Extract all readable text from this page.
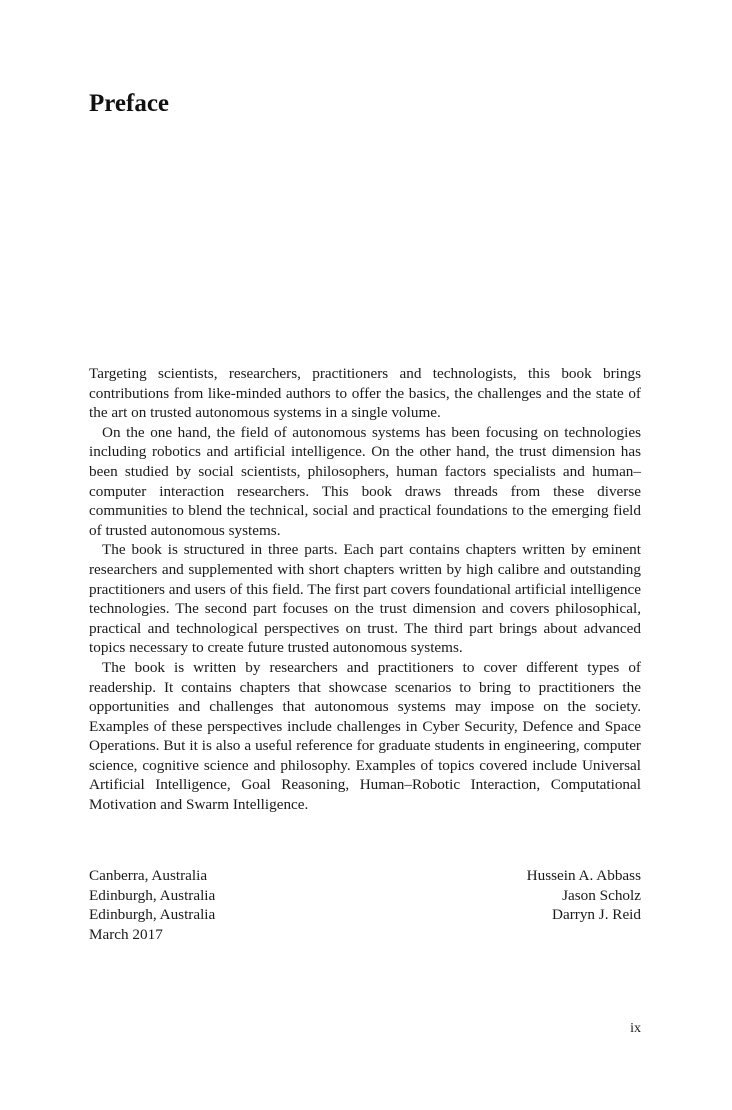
Preface

Targeting scientists, researchers, practitioners and technologists, this book brings contributions from like-minded authors to offer the basics, the challenges and the state of the art on trusted autonomous systems in a single volume.

On the one hand, the field of autonomous systems has been focusing on technologies including robotics and artificial intelligence. On the other hand, the trust dimension has been studied by social scientists, philosophers, human factors specialists and human–computer interaction researchers. This book draws threads from these diverse communities to blend the technical, social and practical foundations to the emerging field of trusted autonomous systems.

The book is structured in three parts. Each part contains chapters written by eminent researchers and supplemented with short chapters written by high calibre and outstanding practitioners and users of this field. The first part covers foundational artificial intelligence technologies. The second part focuses on the trust dimension and covers philosophical, practical and technological perspectives on trust. The third part brings about advanced topics necessary to create future trusted autonomous systems.

The book is written by researchers and practitioners to cover different types of readership. It contains chapters that showcase scenarios to bring to practitioners the opportunities and challenges that autonomous systems may impose on the society. Examples of these perspectives include challenges in Cyber Security, Defence and Space Operations. But it is also a useful reference for graduate students in engineering, computer science, cognitive science and philosophy. Examples of topics covered include Universal Artificial Intelligence, Goal Reasoning, Human–Robotic Interaction, Computational Motivation and Swarm Intelligence.

Canberra, Australia
Edinburgh, Australia
Edinburgh, Australia
March 2017
Hussein A. Abbass
Jason Scholz
Darryn J. Reid
ix
